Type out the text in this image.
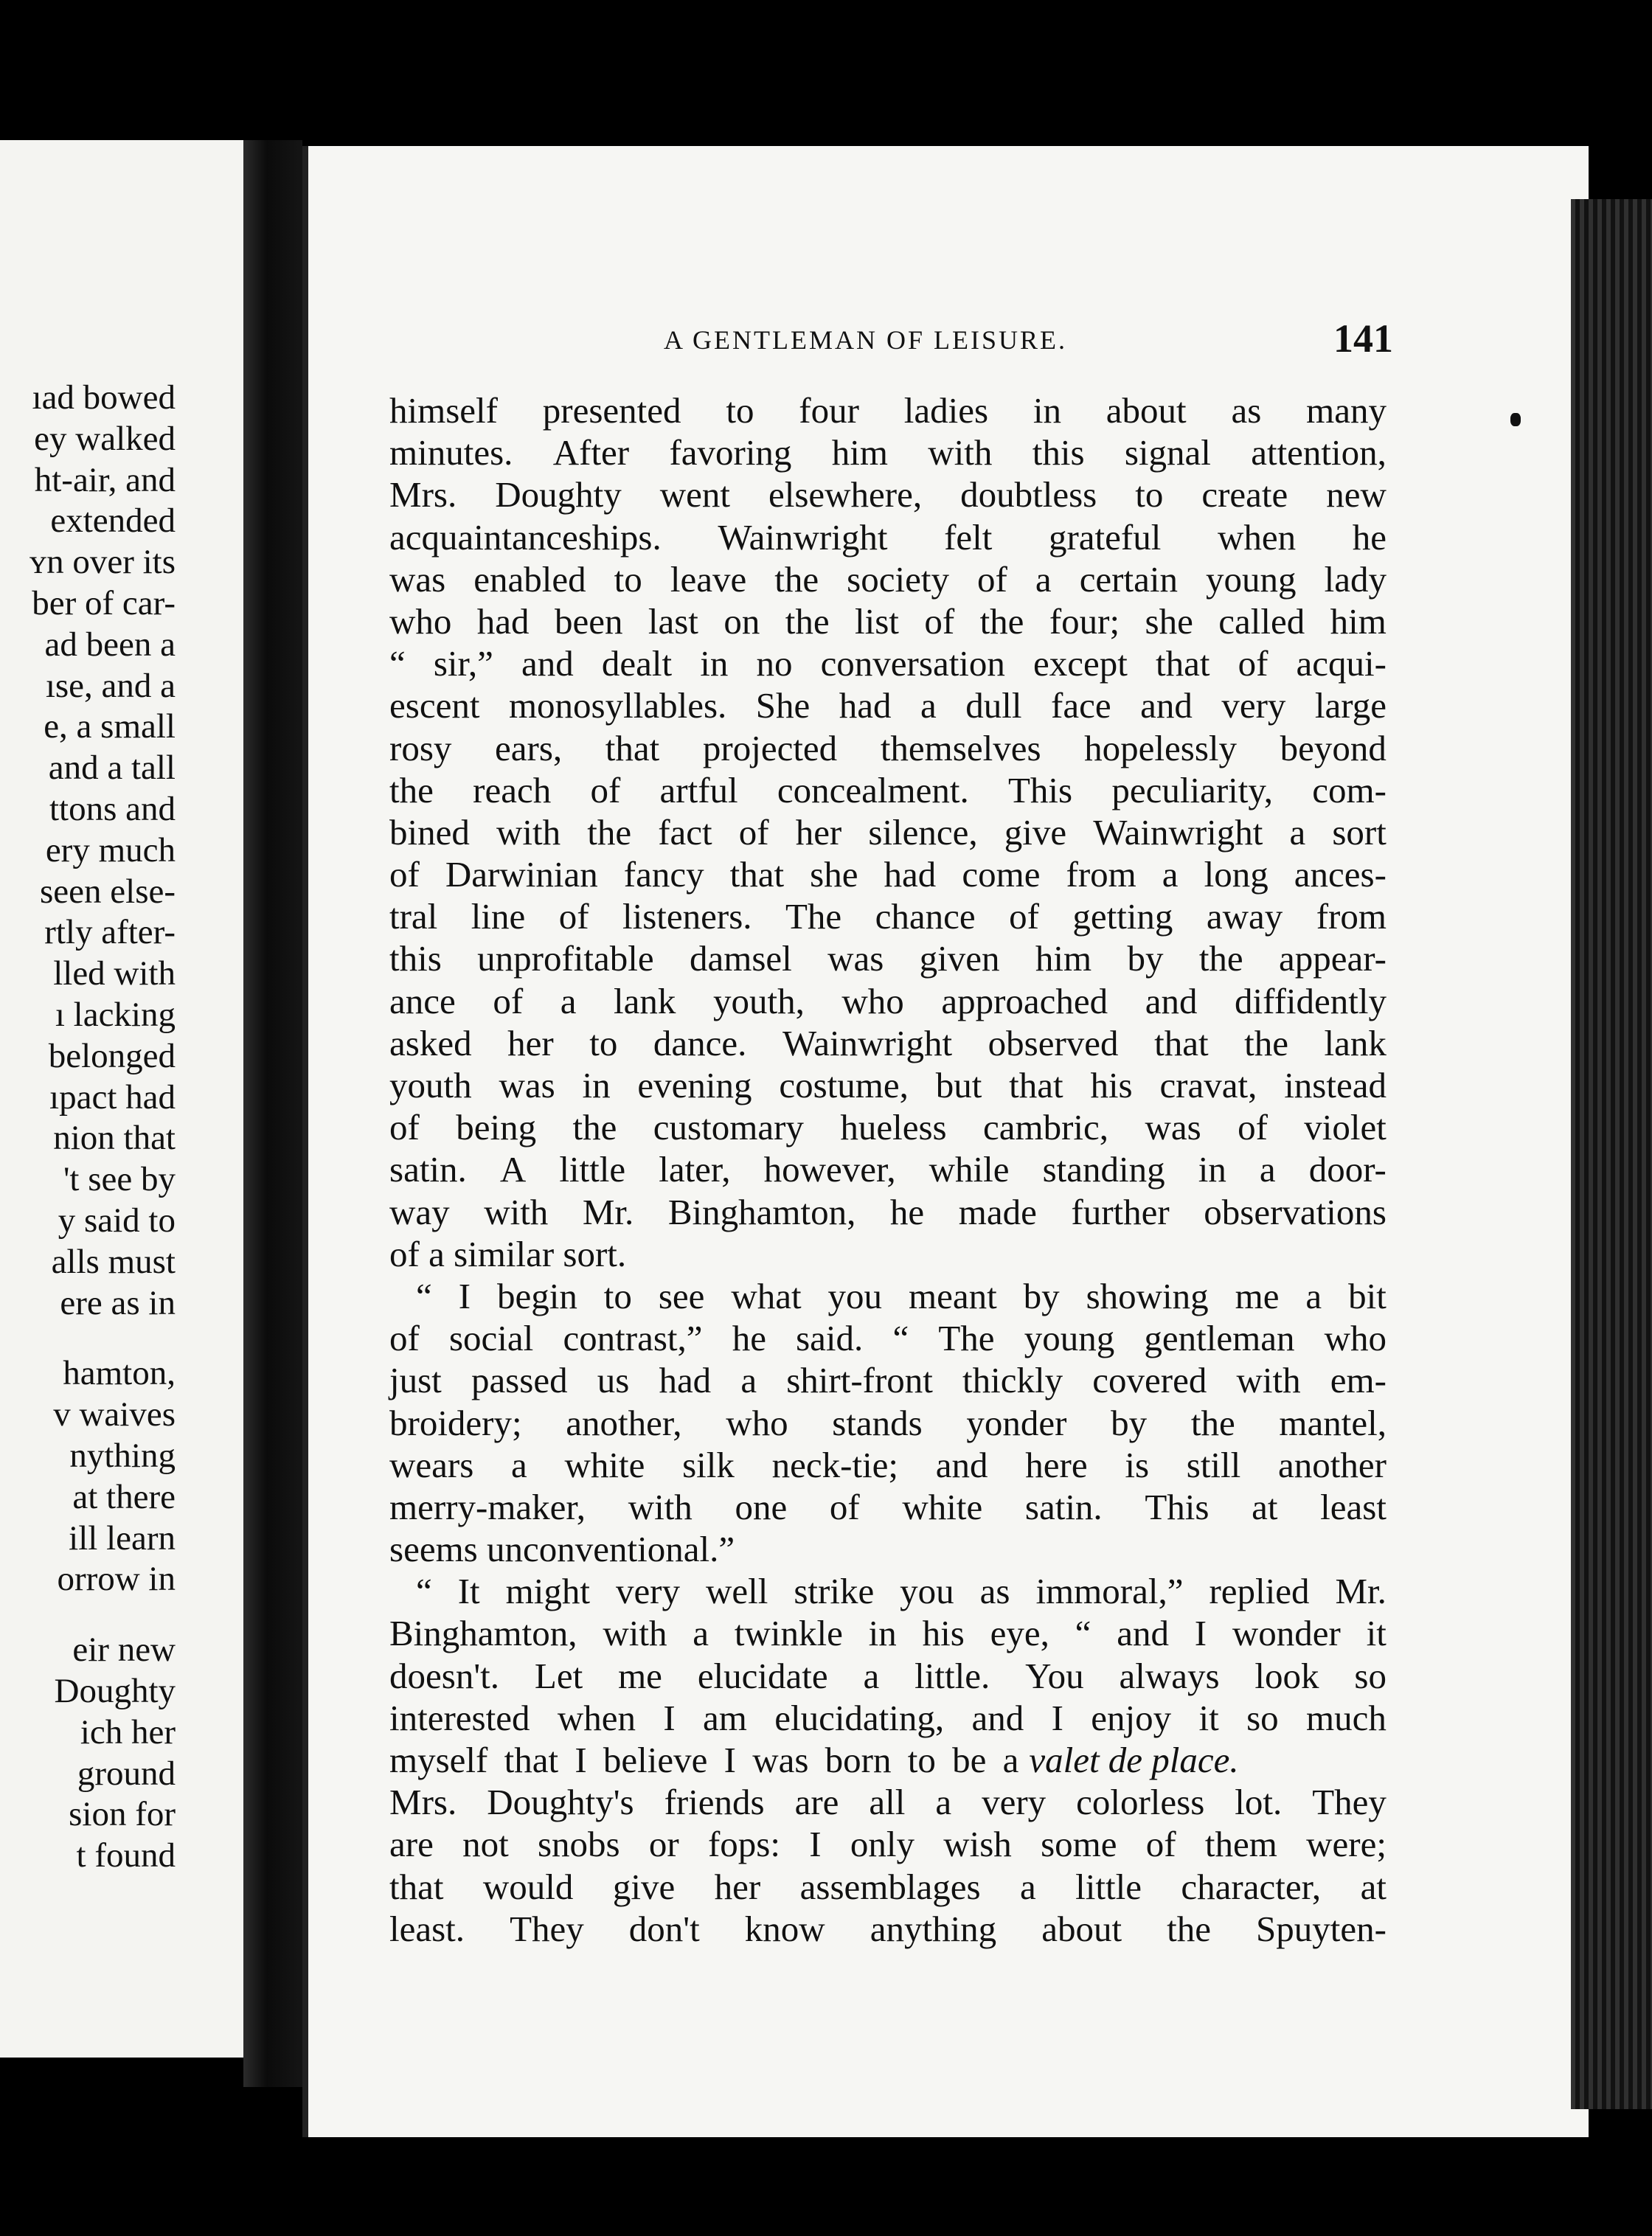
ıad bowed
ey walked
ht-air, and
extended
ʏn over its
ber of car-
ad been a
ıse, and a
e, a small
and a tall
ttons and
ery much
seen else-
rtly after-
lled with
ı lacking
belonged
ıpact had
nion that
't see by
y said to
alls must
ere as in
hamton,
v waives
nything
at there
ill learn
orrow in
eir new
Doughty
ich her
ground
sion for
t found
A GENTLEMAN OF LEISURE.	141
himself presented to four ladies in about as many
minutes. After favoring him with this signal attention,
Mrs. Doughty went elsewhere, doubtless to create new
acquaintanceships. Wainwright felt grateful when he
was enabled to leave the society of a certain young lady
who had been last on the list of the four; she called him
“ sir,” and dealt in no conversation except that of acqui-
escent monosyllables. She had a dull face and very large
rosy ears, that projected themselves hopelessly beyond
the reach of artful concealment. This peculiarity, com-
bined with the fact of her silence, give Wainwright a sort
of Darwinian fancy that she had come from a long ances-
tral line of listeners. The chance of getting away from
this unprofitable damsel was given him by the appear-
ance of a lank youth, who approached and diffidently
asked her to dance. Wainwright observed that the lank
youth was in evening costume, but that his cravat, instead
of being the customary hueless cambric, was of violet
satin. A little later, however, while standing in a door-
way with Mr. Binghamton, he made further observations
of a similar sort.
“ I begin to see what you meant by showing me a bit
of social contrast,” he said. “ The young gentleman who
just passed us had a shirt-front thickly covered with em-
broidery; another, who stands yonder by the mantel,
wears a white silk neck-tie; and here is still another
merry-maker, with one of white satin. This at least
seems unconventional.”
“ It might very well strike you as immoral,” replied Mr.
Binghamton, with a twinkle in his eye, “ and I wonder it
doesn't. Let me elucidate a little. You always look so
interested when I am elucidating, and I enjoy it so much
myself that I believe I was born to be a valet de place.
Mrs. Doughty's friends are all a very colorless lot. They
are not snobs or fops: I only wish some of them were;
that would give her assemblages a little character, at
least. They don't know anything about the Spuyten-
